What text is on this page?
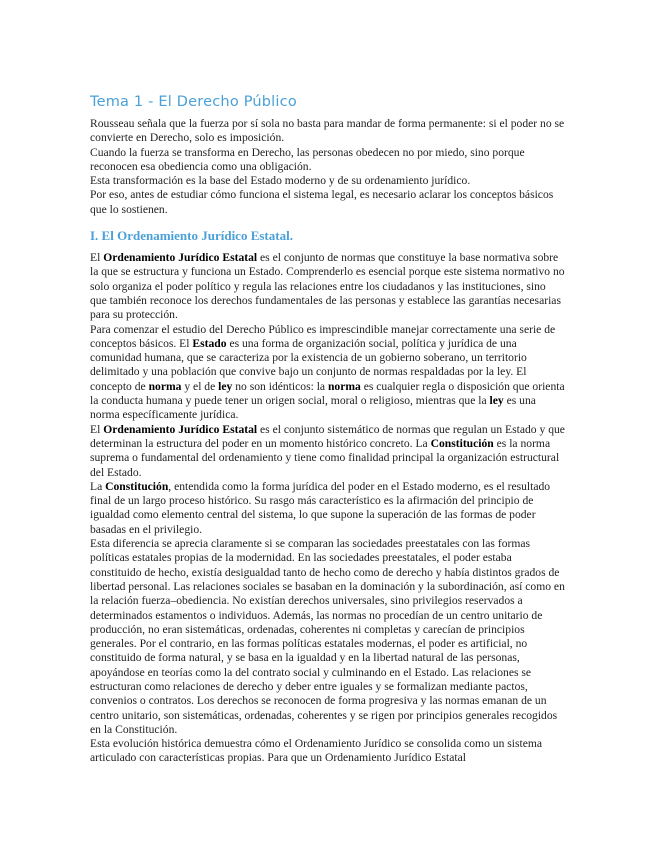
Tema 1 - El Derecho Público

Rousseau señala que la fuerza por sí sola no basta para mandar de forma permanente: si el poder no se convierte en Derecho, solo es imposición.

Cuando la fuerza se transforma en Derecho, las personas obedecen no por miedo, sino porque reconocen esa obediencia como una obligación.

Esta transformación es la base del Estado moderno y de su ordenamiento jurídico.

Por eso, antes de estudiar cómo funciona el sistema legal, es necesario aclarar los conceptos básicos que lo sostienen.

I. El Ordenamiento Jurídico Estatal.

El Ordenamiento Jurídico Estatal es el conjunto de normas que constituye la base normativa sobre la que se estructura y funciona un Estado. Comprenderlo es esencial porque este sistema normativo no solo organiza el poder político y regula las relaciones entre los ciudadanos y las instituciones, sino que también reconoce los derechos fundamentales de las personas y establece las garantías necesarias para su protección.

Para comenzar el estudio del Derecho Público es imprescindible manejar correctamente una serie de conceptos básicos. El Estado es una forma de organización social, política y jurídica de una comunidad humana, que se caracteriza por la existencia de un gobierno soberano, un territorio delimitado y una población que convive bajo un conjunto de normas respaldadas por la ley. El concepto de norma y el de ley no son idénticos: la norma es cualquier regla o disposición que orienta la conducta humana y puede tener un origen social, moral o religioso, mientras que la ley es una norma específicamente jurídica.

El Ordenamiento Jurídico Estatal es el conjunto sistemático de normas que regulan un Estado y que determinan la estructura del poder en un momento histórico concreto. La Constitución es la norma suprema o fundamental del ordenamiento y tiene como finalidad principal la organización estructural del Estado.

La Constitución, entendida como la forma jurídica del poder en el Estado moderno, es el resultado final de un largo proceso histórico. Su rasgo más característico es la afirmación del principio de igualdad como elemento central del sistema, lo que supone la superación de las formas de poder basadas en el privilegio.

Esta diferencia se aprecia claramente si se comparan las sociedades preestatales con las formas políticas estatales propias de la modernidad. En las sociedades preestatales, el poder estaba constituido de hecho, existía desigualdad tanto de hecho como de derecho y había distintos grados de libertad personal. Las relaciones sociales se basaban en la dominación y la subordinación, así como en la relación fuerza–obediencia. No existían derechos universales, sino privilegios reservados a determinados estamentos o individuos. Además, las normas no procedían de un centro unitario de producción, no eran sistemáticas, ordenadas, coherentes ni completas y carecían de principios generales. Por el contrario, en las formas políticas estatales modernas, el poder es artificial, no constituido de forma natural, y se basa en la igualdad y en la libertad natural de las personas, apoyándose en teorías como la del contrato social y culminando en el Estado. Las relaciones se estructuran como relaciones de derecho y deber entre iguales y se formalizan mediante pactos, convenios o contratos. Los derechos se reconocen de forma progresiva y las normas emanan de un centro unitario, son sistemáticas, ordenadas, coherentes y se rigen por principios generales recogidos en la Constitución.

Esta evolución histórica demuestra cómo el Ordenamiento Jurídico se consolida como un sistema articulado con características propias. Para que un Ordenamiento Jurídico Estatal
